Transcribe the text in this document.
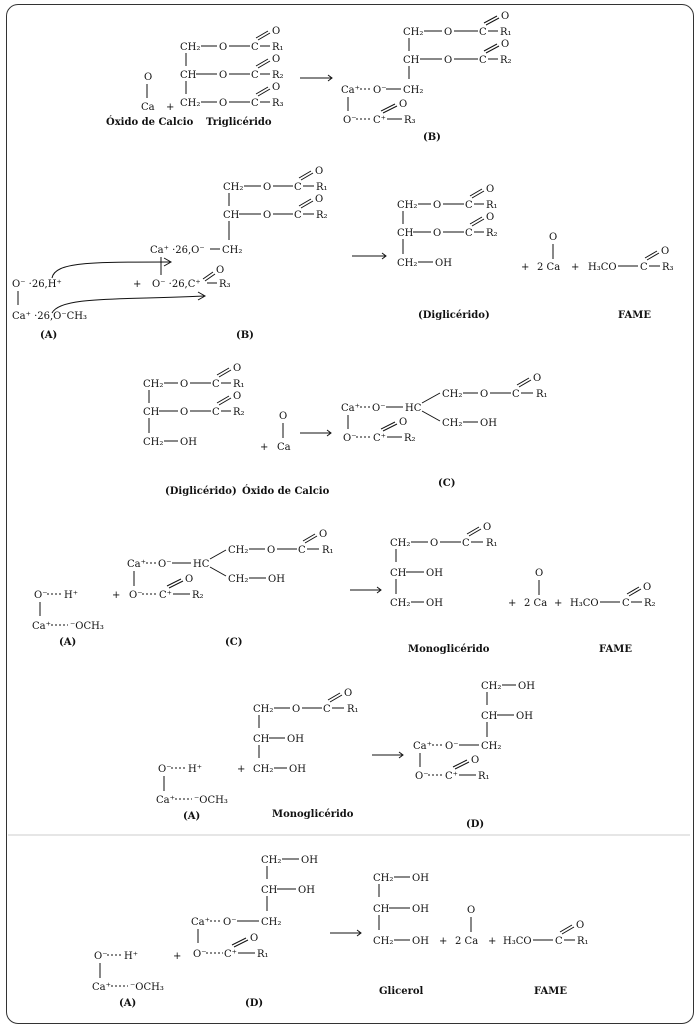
O
Ca
Óxido de Calcio
+
CH₂ O C
O
R₁
CH O C
O
R₂
CH₂ O C
O
R₃
Triglicérido
CH₂ O	C
O
R₁
CH O	C
O
R₂
CH₂
Ca⁺ O⁻
O⁻ C⁺
O
R₃
(B)
CH₂ O C
O
R₁
CH O C
O
R₂
Ca⁺ ·26,O⁻ CH₂
O⁻ ·26,C⁺
O
R₃
+
O⁻ ·26,H⁺
Ca⁺ ·26,O⁻CH₃
(A)	(B)
CH₂ O C
O
R₁
CH O C
O
R₂
CH₂ OH
(Diglicérido)
+
O
2 Ca + H₃CO C
O
R₃
FAME
CH₂ O C
O
R₁
CH O C
O
R₂
CH₂ OH	+
O
Ca
(Diglicérido) Óxido de Calcio
Ca⁺ O⁻ HC
CH₂ O C
O
R₁
CH₂ OH
O⁻ C⁺
O
R₂
(C)
O⁻ H⁺
Ca⁺ ⁻OCH₃
(A)
+
Ca⁺ O⁻ HC
CH₂ O C
O
R₁
CH₂ OH
O⁻ C⁺
O
R₂
(C)
CH₂ O C
O
R₁
CH OH
CH₂ OH
Monoglicérido
+
O
2 Ca + H₃CO C
O
R₂
FAME
CH₂ O C
O
R₁
CH OH
CH₂ OH
+
Monoglicérido
O⁻ H⁺
Ca⁺ ⁻OCH₃
(A)
CH₂ OH
CH OH
CH₂
Ca⁺ O⁻
O⁻ C⁺
O
R₁
(D)
O⁻ H⁺
Ca⁺ ⁻OCH₃
(A)
+
CH₂ OH
CH OH
CH₂
Ca⁺ O⁻
O⁻ C⁺
O
R₁
(D)
CH₂ OH
CH OH
CH₂ OH
Glicerol
+
O
2 Ca + H₃CO C
O
R₁
FAME
